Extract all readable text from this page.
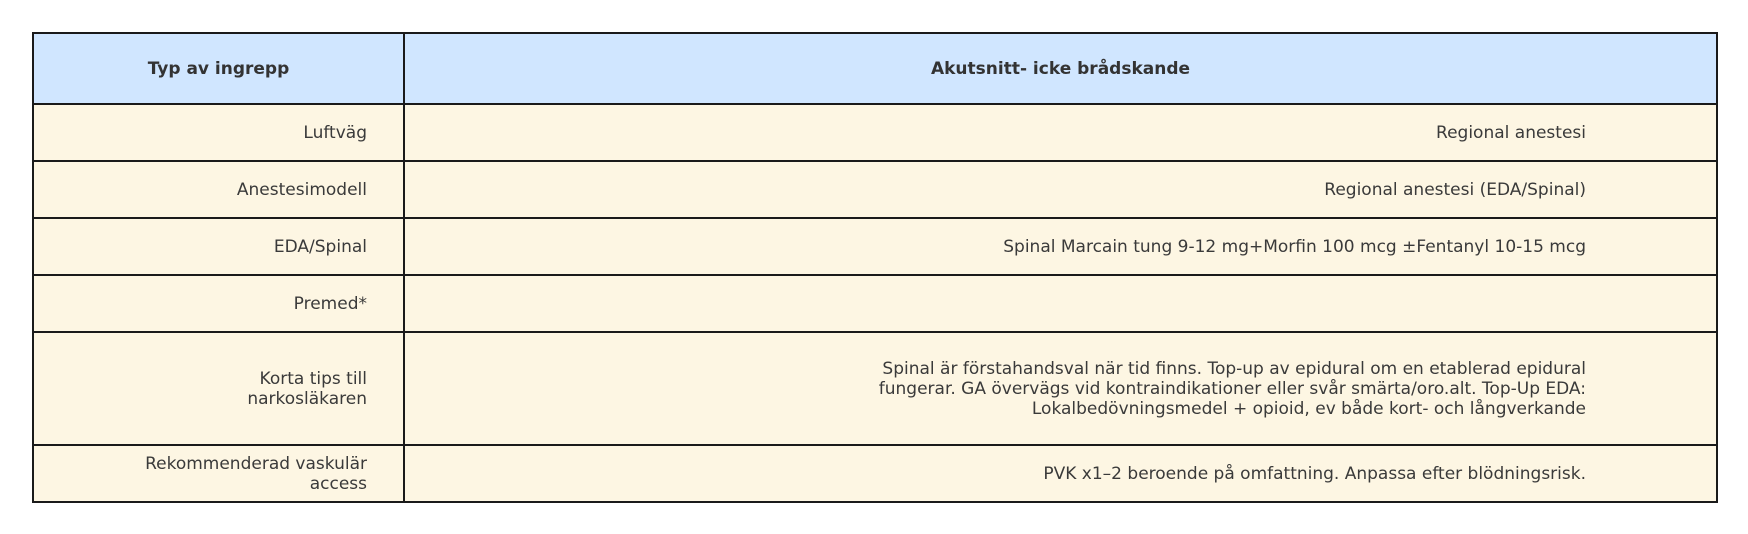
Typ av ingrepp	Akutsnitt- icke brådskande
Luftväg	Regional anestesi
Anestesimodell	Regional anestesi (EDA/Spinal)
EDA/Spinal	Spinal Marcain tung 9-12 mg+Morfin 100 mcg ±Fentanyl 10-15 mcg
Premed*	
Korta tips till narkosläkaren	Spinal är förstahandsval när tid finns. Top-up av epidural om en etablerad epidural fungerar. GA övervägs vid kontraindikationer eller svår smärta/oro.alt. Top-Up EDA: Lokalbedövningsmedel + opioid, ev både kort- och långverkande
Rekommenderad vaskulär access	PVK x1–2 beroende på omfattning. Anpassa efter blödningsrisk.
